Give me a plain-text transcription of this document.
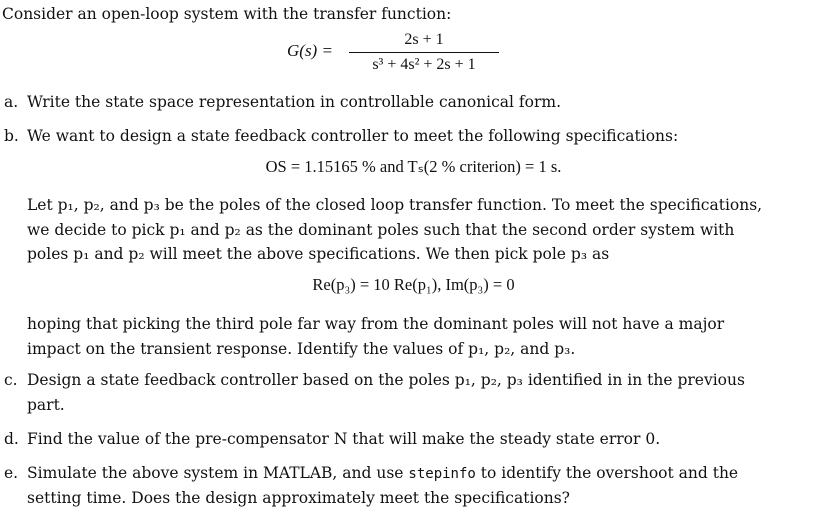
Consider an open-loop system with the transfer function:
G(s) =
2s + 1
s³ + 4s² + 2s + 1
a. Write the state space representation in controllable canonical form.
b. We want to design a state feedback controller to meet the following specifications:
OS = 1.15165 % and Tₛ(2 % criterion) = 1 s.
Let p₁, p₂, and p₃ be the poles of the closed loop transfer function. To meet the specifications,
we decide to pick p₁ and p₂ as the dominant poles such that the second order system with
poles p₁ and p₂ will meet the above specifications. We then pick pole p₃ as
Re(p₃) = 10 Re(p₁), Im(p₃) = 0
hoping that picking the third pole far way from the dominant poles will not have a major
impact on the transient response. Identify the values of p₁, p₂, and p₃.
c. Design a state feedback controller based on the poles p₁, p₂, p₃ identified in in the previous
part.
d. Find the value of the pre-compensator N that will make the steady state error 0.
e. Simulate the above system in MATLAB, and use stepinfo to identify the overshoot and the
setting time. Does the design approximately meet the specifications?
